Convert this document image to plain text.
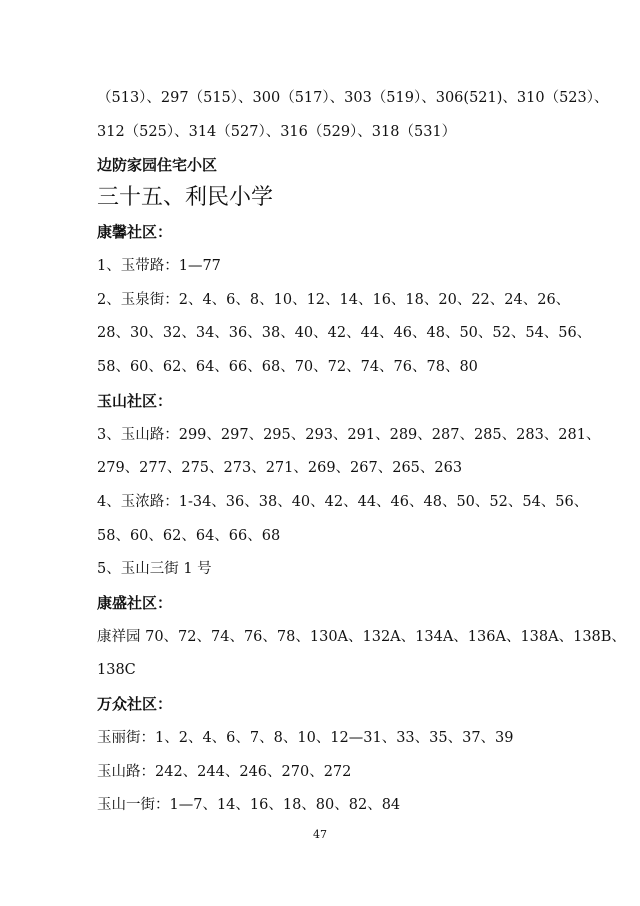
（513）、297（515）、300（517）、303（519）、306(521)、310（523）、
312（525）、314（527）、316（529）、318（531）
边防家园住宅小区
三十五、利民小学
康馨社区：
1、玉带路：1—77
2、玉泉街：2、4、6、8、10、12、14、16、18、20、22、24、26、
28、30、32、34、36、38、40、42、44、46、48、50、52、54、56、
58、60、62、64、66、68、70、72、74、76、78、80
玉山社区：
3、玉山路：299、297、295、293、291、289、287、285、283、281、
279、277、275、273、271、269、267、265、263
4、玉浓路：1-34、36、38、40、42、44、46、48、50、52、54、56、
58、60、62、64、66、68
5、玉山三街 1 号
康盛社区：
康祥园 70、72、74、76、78、130A、132A、134A、136A、138A、138B、
138C
万众社区：
玉丽街：1、2、4、6、7、8、10、12—31、33、35、37、39
玉山路：242、244、246、270、272
玉山一街：1—7、14、16、18、80、82、84
47
